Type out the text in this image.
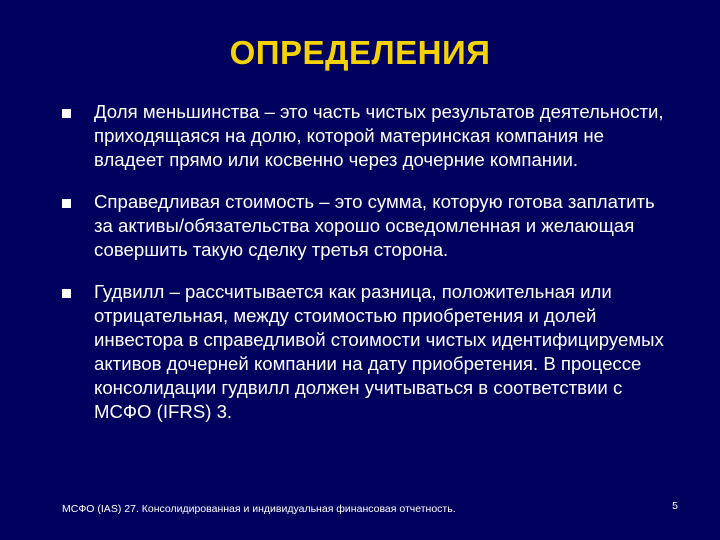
ОПРЕДЕЛЕНИЯ
Доля меньшинства – это часть чистых результатов деятельности, приходящаяся на долю, которой материнская компания не владеет прямо или косвенно через дочерние компании.
Справедливая стоимость – это сумма, которую готова заплатить за активы/обязательства хорошо осведомленная и желающая совершить такую сделку третья сторона.
Гудвилл – рассчитывается как разница, положительная или отрицательная, между стоимостью приобретения и долей инвестора в справедливой стоимости чистых идентифицируемых активов дочерней компании на дату приобретения. В процессе консолидации гудвилл должен учитываться в соответствии с МСФО (IFRS) 3.
МСФО (IAS) 27. Консолидированная и индивидуальная финансовая отчетность.	5
